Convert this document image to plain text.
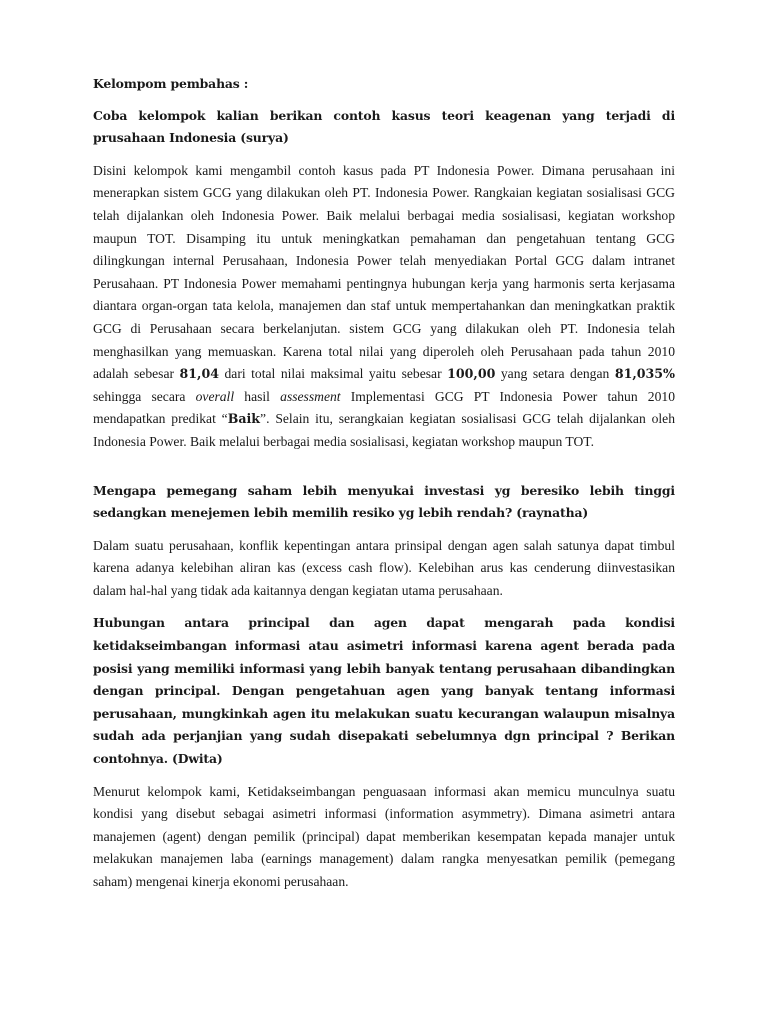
Kelompom pembahas :

Coba kelompok kalian berikan contoh kasus teori keagenan yang terjadi di prusahaan Indonesia (surya)

Disini kelompok kami mengambil contoh kasus pada PT Indonesia Power. Dimana perusahaan ini menerapkan sistem GCG yang dilakukan oleh PT. Indonesia Power. Rangkaian kegiatan sosialisasi GCG telah dijalankan oleh Indonesia Power. Baik melalui berbagai media sosialisasi, kegiatan workshop maupun TOT. Disamping itu untuk meningkatkan pemahaman dan pengetahuan tentang GCG dilingkungan internal Perusahaan, Indonesia Power telah menyediakan Portal GCG dalam intranet Perusahaan. PT Indonesia Power memahami pentingnya hubungan kerja yang harmonis serta kerjasama diantara organ-organ tata kelola, manajemen dan staf untuk mempertahankan dan meningkatkan praktik GCG di Perusahaan secara berkelanjutan. sistem GCG yang dilakukan oleh PT. Indonesia telah menghasilkan yang memuaskan. Karena total nilai yang diperoleh oleh Perusahaan pada tahun 2010 adalah sebesar 81,04 dari total nilai maksimal yaitu sebesar 100,00 yang setara dengan 81,035% sehingga secara overall hasil assessment Implementasi GCG PT Indonesia Power tahun 2010 mendapatkan predikat “Baik”. Selain itu, serangkaian kegiatan sosialisasi GCG telah dijalankan oleh Indonesia Power. Baik melalui berbagai media sosialisasi, kegiatan workshop maupun TOT.

Mengapa pemegang saham lebih menyukai investasi yg beresiko lebih tinggi sedangkan menejemen lebih memilih resiko yg lebih rendah? (raynatha)

Dalam suatu perusahaan, konflik kepentingan antara prinsipal dengan agen salah satunya dapat timbul karena adanya kelebihan aliran kas (excess cash flow). Kelebihan arus kas cenderung diinvestasikan dalam hal-hal yang tidak ada kaitannya dengan kegiatan utama perusahaan.

Hubungan antara principal dan agen dapat mengarah pada kondisi ketidakseimbangan informasi atau asimetri informasi karena agent berada pada posisi yang memiliki informasi yang lebih banyak tentang perusahaan dibandingkan dengan principal. Dengan pengetahuan agen yang banyak tentang informasi perusahaan, mungkinkah agen itu melakukan suatu kecurangan walaupun misalnya sudah ada perjanjian yang sudah disepakati sebelumnya dgn principal ? Berikan contohnya. (Dwita)

Menurut kelompok kami, Ketidakseimbangan penguasaan informasi akan memicu munculnya suatu kondisi yang disebut sebagai asimetri informasi (information asymmetry). Dimana asimetri antara manajemen (agent) dengan pemilik (principal) dapat memberikan kesempatan kepada manajer untuk melakukan manajemen laba (earnings management) dalam rangka menyesatkan pemilik (pemegang saham) mengenai kinerja ekonomi perusahaan.
